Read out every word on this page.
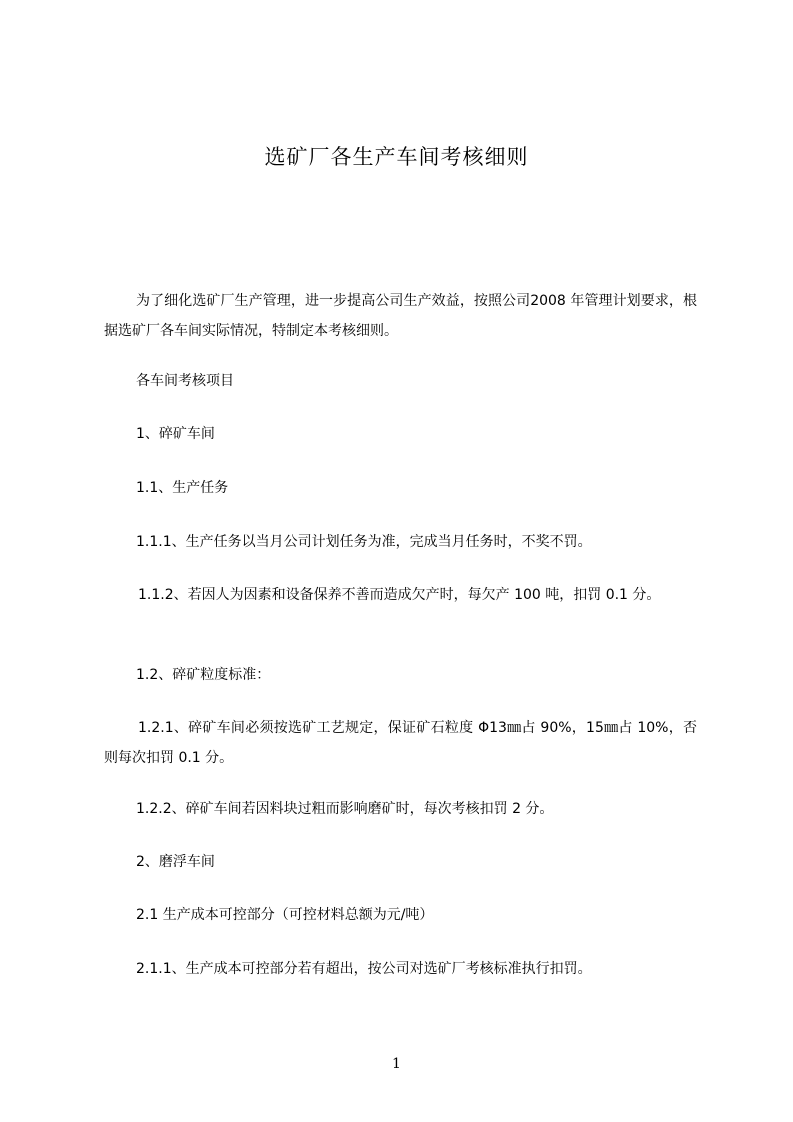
选矿厂各生产车间考核细则
为了细化选矿厂生产管理，进一步提高公司生产效益，按照公司2008 年管理计划要求，根据选矿厂各车间实际情况，特制定本考核细则。
各车间考核项目
1、碎矿车间
1.1、生产任务
1.1.1、生产任务以当月公司计划任务为准，完成当月任务时，不奖不罚。
1.1.2、若因人为因素和设备保养不善而造成欠产时，每欠产 100 吨，扣罚 0.1 分。
1.2、碎矿粒度标准：
1.2.1、碎矿车间必须按选矿工艺规定，保证矿石粒度 Φ13㎜占 90%，15㎜占 10%，否则每次扣罚 0.1 分。
1.2.2、碎矿车间若因料块过粗而影响磨矿时，每次考核扣罚 2 分。
2、磨浮车间
2.1 生产成本可控部分（可控材料总额为元/吨）
2.1.1、生产成本可控部分若有超出，按公司对选矿厂考核标准执行扣罚。
1
